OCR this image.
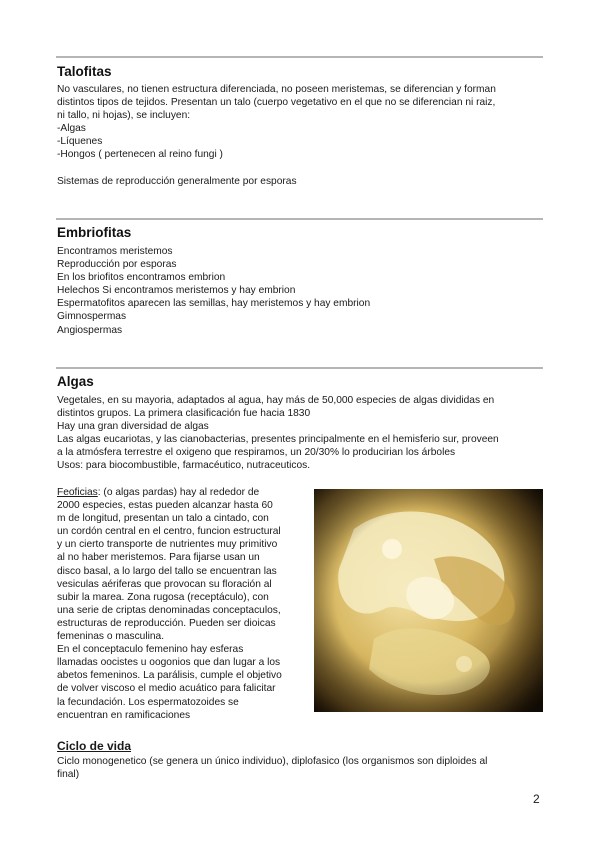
Talofitas

No vasculares, no tienen estructura diferenciada, no poseen meristemas, se diferencian y forman
distintos tipos de tejidos. Presentan un talo (cuerpo vegetativo en el que no se diferencian ni raiz,
ni tallo, ni hojas), se incluyen:
-Algas
-Líquenes
-Hongos ( pertenecen al reino fungi )

Sistemas de reproducción generalmente por esporas

Embriofitas

Encontramos meristemos
Reproducción por esporas
En los briofitos encontramos embrion
Helechos Si encontramos meristemos y hay embrion
Espermatofitos aparecen las semillas, hay meristemos y hay embrion
Gimnospermas
Angiospermas

Algas

Vegetales, en su mayoria, adaptados al agua, hay más de 50,000 especies de algas divididas en
distintos grupos. La primera clasificación fue hacia 1830
Hay una gran diversidad de algas
Las algas eucariotas, y las cianobacterias, presentes principalmente en el hemisferio sur, proveen
a la atmósfera terrestre el oxigeno que respiramos, un 20/30% lo producirian los árboles
Usos: para biocombustible, farmacéutico, nutraceuticos.

Feoficias: (o algas pardas) hay al rededor de
2000 especies, estas pueden alcanzar hasta 60
m de longitud, presentan un talo a cintado, con
un cordón central en el centro, funcion estructural
y un cierto transporte de nutrientes muy primitivo
al no haber meristemos. Para fijarse usan un
disco basal, a lo largo del tallo se encuentran las
vesiculas aériferas que provocan su floración al
subir la marea. Zona rugosa (receptáculo), con
una serie de criptas denominadas conceptaculos,
estructuras de reproducción. Pueden ser dioicas
femeninas o masculina.
En el conceptaculo femenino hay esferas
llamadas oocistes u oogonios que dan lugar a los
abetos femeninos. La parálisis, cumple el objetivo
de volver viscoso el medio acuático para falicitar
la fecundación. Los espermatozoides se
encuentran en ramificaciones

Ciclo de vida

Ciclo monogenetico (se genera un único individuo), diplofasico (los organismos son diploides al
final)

2
